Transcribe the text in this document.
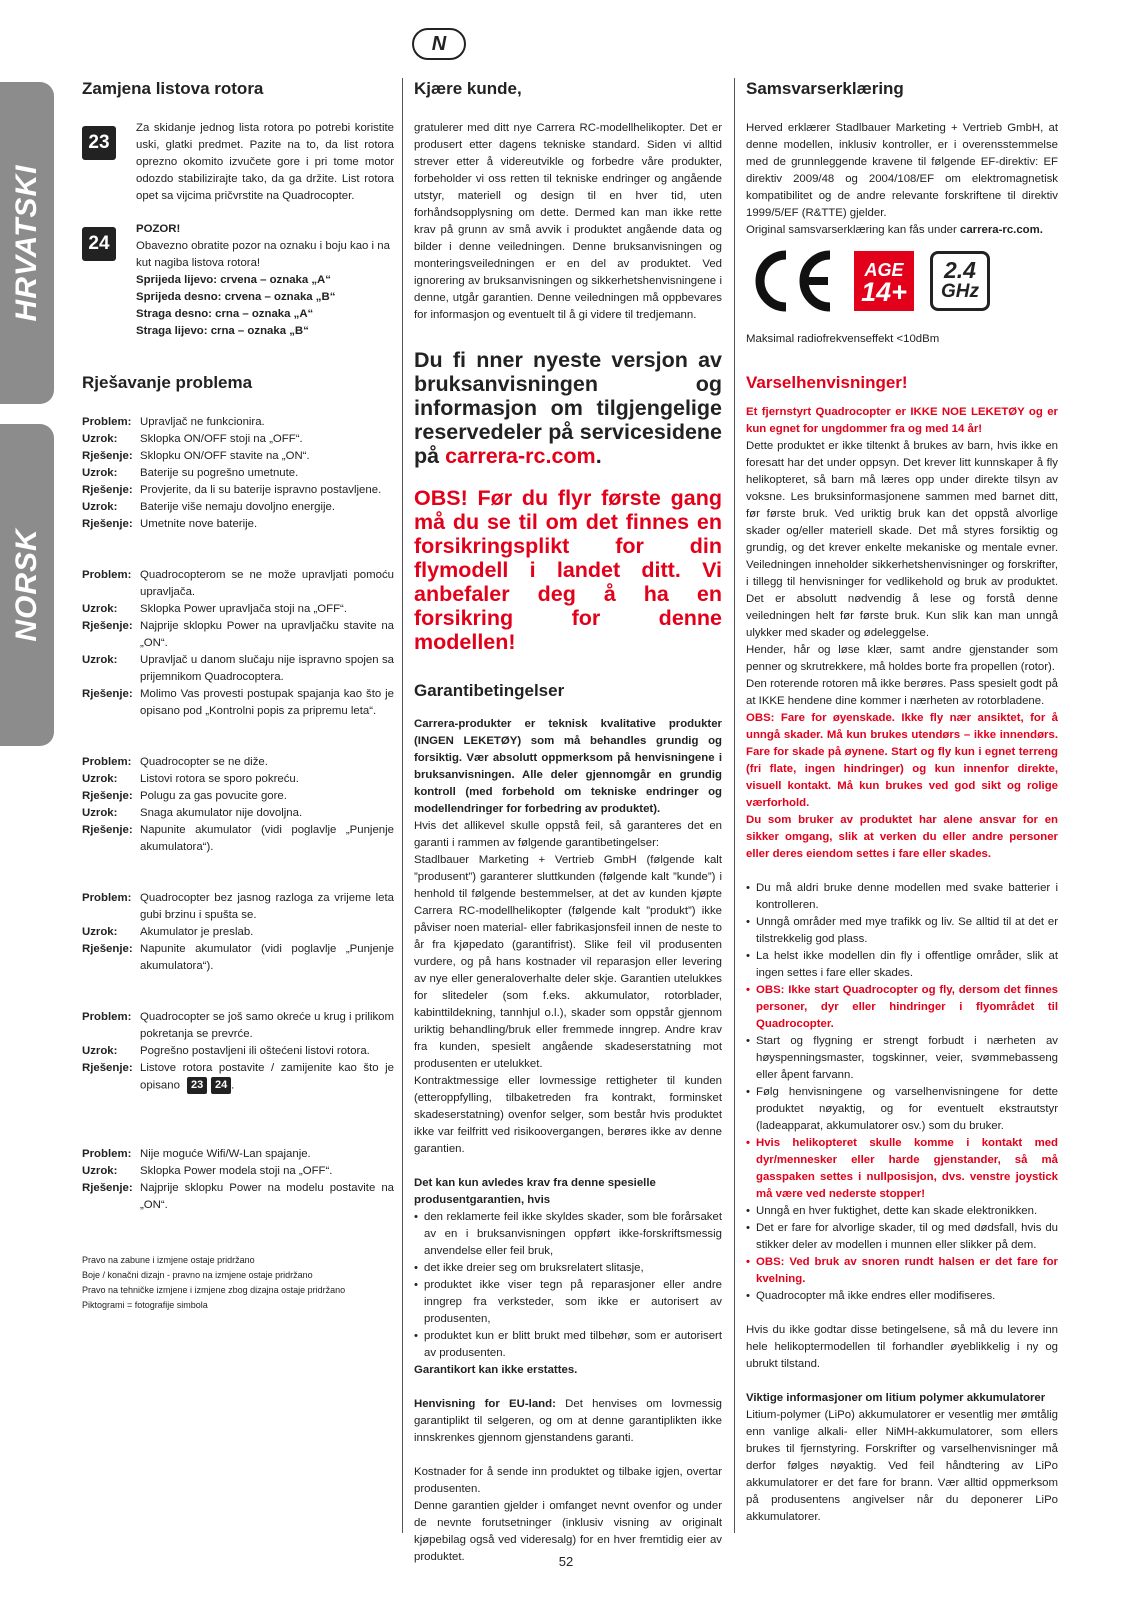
HRVATSKI
NORSK
N
Zamjena listova rotora
23

Za skidanje jednog lista rotora po potrebi koristite uski, glatki predmet. Pazite na to, da list rotora oprezno okomito izvučete gore i pri tome motor odozdo stabilizirajte tako, da ga držite. List rotora opet sa vijcima pričvrstite na Quadrocopter.

24

POZOR!

Obavezno obratite pozor na oznaku i boju kao i na kut nagiba listova rotora!

Sprijeda lijevo: crvena – oznaka „A“

Sprijeda desno: crvena – oznaka „B“

Straga desno: crna – oznaka „A“

Straga lijevo: crna – oznaka „B“

Rješavanje problema
Problem: Upravljač ne funkcionira.
Uzrok:	Sklopka ON/OFF stoji na „OFF“.
Rješenje: Sklopku ON/OFF stavite na „ON“.
Uzrok:	Baterije su pogrešno umetnute.
Rješenje: Provjerite, da li su baterije ispravno postavljene.
Uzrok:	Baterije više nemaju dovoljno energije.
Rješenje: Umetnite nove baterije.
Problem: Quadrocopterom se ne može upravljati pomoću upravljača.
Uzrok:	Sklopka Power upravljača stoji na „OFF“.
Rješenje: Najprije sklopku Power na upravljačku stavite na „ON“.
Uzrok:	Upravljač u danom slučaju nije ispravno spojen sa prijemnikom Quadrocoptera.
Rješenje: Molimo Vas provesti postupak spajanja kao što je opisano pod „Kontrolni popis za pripremu leta“.
Problem: Quadrocopter se ne diže.
Uzrok:	Listovi rotora se sporo pokreću.
Rješenje: Polugu za gas povucite gore.
Uzrok:	Snaga akumulator nije dovoljna.
Rješenje: Napunite akumulator (vidi poglavlje „Punjenje akumulatora“).
Problem: Quadrocopter bez jasnog razloga za vrijeme leta gubi brzinu i spušta se.
Uzrok:	Akumulator je preslab.
Rješenje: Napunite akumulator (vidi poglavlje „Punjenje akumulatora“).
Problem: Quadrocopter se još samo okreće u krug i prilikom pokretanja se prevrće.
Uzrok:	Pogrešno postavljeni ili oštećeni listovi rotora.
Rješenje: Listove rotora postavite / zamijenite kao što je opisano 23 24 .
Problem: Nije moguće Wifi/W-Lan spajanje.
Uzrok:	Sklopka Power modela stoji na „OFF“.
Rješenje: Najprije sklopku Power na modelu postavite na „ON“.

Pravo na zabune i izmjene ostaje pridržano

Boje / konačni dizajn - pravno na izmjene ostaje pridržano

Pravo na tehničke izmjene i izmjene zbog dizajna ostaje pridržano

Piktogrami = fotografije simbola

Kjære kunde,

gratulerer med ditt nye Carrera RC-modellhelikopter. Det er produsert etter dagens tekniske standard. Siden vi alltid strever etter å videreutvikle og forbedre våre produkter, forbeholder vi oss retten til tekniske endringer og angående utstyr, materiell og design til en hver tid, uten forhåndsopplysning om dette. Dermed kan man ikke rette krav på grunn av små avvik i produktet angående data og bilder i denne veiledningen. Denne bruksanvisningen og monteringsveiledningen er en del av produktet. Ved ignorering av bruksanvisningen og sikkerhetshenvisningene i denne, utgår garantien. Denne veiledningen må oppbevares for informasjon og eventuelt til å gi videre til tredjemann.

Du fi nner nyeste versjon av bruksanvisningen og informasjon om tilgjengelige reservedeler på servicesidene på carrera-rc.com.

OBS! Før du flyr første gang må du se til om det finnes en forsikringsplikt for din flymodell i landet ditt. Vi anbefaler deg å ha en forsikring for denne modellen!

Garantibetingelser

Carrera-produkter er teknisk kvalitative produkter (INGEN LEKETØY) som må behandles grundig og forsiktig. Vær absolutt oppmerksom på henvisningene i bruksanvisningen. Alle deler gjennomgår en grundig kontroll (med forbehold om tekniske endringer og modellendringer for forbedring av produktet).

Hvis det allikevel skulle oppstå feil, så garanteres det en garanti i rammen av følgende garantibetingelser:

Stadlbauer Marketing + Vertrieb GmbH (følgende kalt ”produsent”) garanterer sluttkunden (følgende kalt ”kunde”) i henhold til følgende bestemmelser, at det av kunden kjøpte Carrera RC-modellhelikopter (følgende kalt ”produkt”) ikke påviser noen material- eller fabrikasjonsfeil innen de neste to år fra kjøpedato (garantifrist). Slike feil vil produsenten vurdere, og på hans kostnader vil reparasjon eller levering av nye eller generaloverhalte deler skje. Garantien utelukkes for slitedeler (som f.eks. akkumulator, rotorblader, kabinttildekning, tannhjul o.l.), skader som oppstår gjennom uriktig behandling/bruk eller fremmede inngrep. Andre krav fra kunden, spesielt angående skadeserstatning mot produsenten er utelukket.

Kontraktmessige eller lovmessige rettigheter til kunden (etteroppfylling, tilbaketreden fra kontrakt, forminsket skadeserstatning) ovenfor selger, som består hvis produktet ikke var feilfritt ved risikoovergangen, berøres ikke av denne garantien.

Det kan kun avledes krav fra denne spesielle produsentgarantien, hvis

• den reklamerte feil ikke skyldes skader, som ble forårsaket av en i bruksanvisningen oppført ikke-forskriftsmessig anvendelse eller feil bruk,
• det ikke dreier seg om bruksrelatert slitasje,
• produktet ikke viser tegn på reparasjoner eller andre inngrep fra verksteder, som ikke er autorisert av produsenten,
• produktet kun er blitt brukt med tilbehør, som er autorisert av produsenten.

Garantikort kan ikke erstattes.

Henvisning for EU-land: Det henvises om lovmessig garantiplikt til selgeren, og om at denne garantiplikten ikke innskrenkes gjennom gjenstandens garanti.

Kostnader for å sende inn produktet og tilbake igjen, overtar produsenten.

Denne garantien gjelder i omfanget nevnt ovenfor og under de nevnte forutsetninger (inklusiv visning av originalt kjøpebilag også ved videresalg) for en hver fremtidig eier av produktet.

Samsvarserklæring

Herved erklærer Stadlbauer Marketing + Vertrieb GmbH, at denne modellen, inklusiv kontroller, er i overensstemmelse med de grunnleggende kravene til følgende EF-direktiv: EF direktiv 2009/48 og 2004/108/EF om elektromagnetisk kompatibilitet og de andre relevante forskriftene til direktiv 1999/5/EF (R&TTE) gjelder.

Original samsvarserklæring kan fås under carrera-rc.com.

AGE
14+
2.4
GHz

Maksimal radiofrekvenseffekt <10dBm

Varselhenvisninger!

Et fjernstyrt Quadrocopter er IKKE NOE LEKETØY og er kun egnet for ungdommer fra og med 14 år!

Dette produktet er ikke tiltenkt å brukes av barn, hvis ikke en foresatt har det under oppsyn. Det krever litt kunnskaper å fly helikopteret, så barn må læres opp under direkte tilsyn av voksne. Les bruksinformasjonene sammen med barnet ditt, før første bruk. Ved uriktig bruk kan det oppstå alvorlige skader og/eller materiell skade. Det må styres forsiktig og grundig, og det krever enkelte mekaniske og mentale evner. Veiledningen inneholder sikkerhetshenvisninger og forskrifter, i tillegg til henvisninger for vedlikehold og bruk av produktet. Det er absolutt nødvendig å lese og forstå denne veiledningen helt før første bruk. Kun slik kan man unngå ulykker med skader og ødeleggelse.

Hender, hår og løse klær, samt andre gjenstander som penner og skrutrekkere, må holdes borte fra propellen (rotor).

Den roterende rotoren må ikke berøres. Pass spesielt godt på at IKKE hendene dine kommer i nærheten av rotorbladene.

OBS: Fare for øyenskade. Ikke fly nær ansiktet, for å unngå skader. Må kun brukes utendørs – ikke innendørs. Fare for skade på øynene. Start og fly kun i egnet terreng (fri flate, ingen hindringer) og kun innenfor direkte, visuell kontakt. Må kun brukes ved god sikt og rolige værforhold.

Du som bruker av produktet har alene ansvar for en sikker omgang, slik at verken du eller andre personer eller deres eiendom settes i fare eller skades.

• Du må aldri bruke denne modellen med svake batterier i kontrolleren.
• Unngå områder med mye trafikk og liv. Se alltid til at det er tilstrekkelig god plass.
• La helst ikke modellen din fly i offentlige områder, slik at ingen settes i fare eller skades.
• OBS: Ikke start Quadrocopter og fly, dersom det finnes personer, dyr eller hindringer i flyområdet til Quadrocopter.
• Start og flygning er strengt forbudt i nærheten av høyspenningsmaster, togskinner, veier, svømmebasseng eller åpent farvann.
• Følg henvisningene og varselhenvisningene for dette produktet nøyaktig, og for eventuelt ekstrautstyr (ladeapparat, akkumulatorer osv.) som du bruker.
• Hvis helikopteret skulle komme i kontakt med dyr/mennesker eller harde gjenstander, så må gasspaken settes i nullposisjon, dvs. venstre joystick må være ved nederste stopper!
• Unngå en hver fuktighet, dette kan skade elektronikken.
• Det er fare for alvorlige skader, til og med dødsfall, hvis du stikker deler av modellen i munnen eller slikker på dem.
• OBS: Ved bruk av snoren rundt halsen er det fare for kvelning.
• Quadrocopter må ikke endres eller modifiseres.

Hvis du ikke godtar disse betingelsene, så må du levere inn hele helikoptermodellen til forhandler øyeblikkelig i ny og ubrukt tilstand.

Viktige informasjoner om litium polymer akkumulatorer

Litium-polymer (LiPo) akkumulatorer er vesentlig mer ømtålig enn vanlige alkali- eller NiMH-akkumulatorer, som ellers brukes til fjernstyring. Forskrifter og varselhenvisninger må derfor følges nøyaktig. Ved feil håndtering av LiPo akkumulatorer er det fare for brann. Vær alltid oppmerksom på produsentens angivelser når du deponerer LiPo akkumulatorer.

52
